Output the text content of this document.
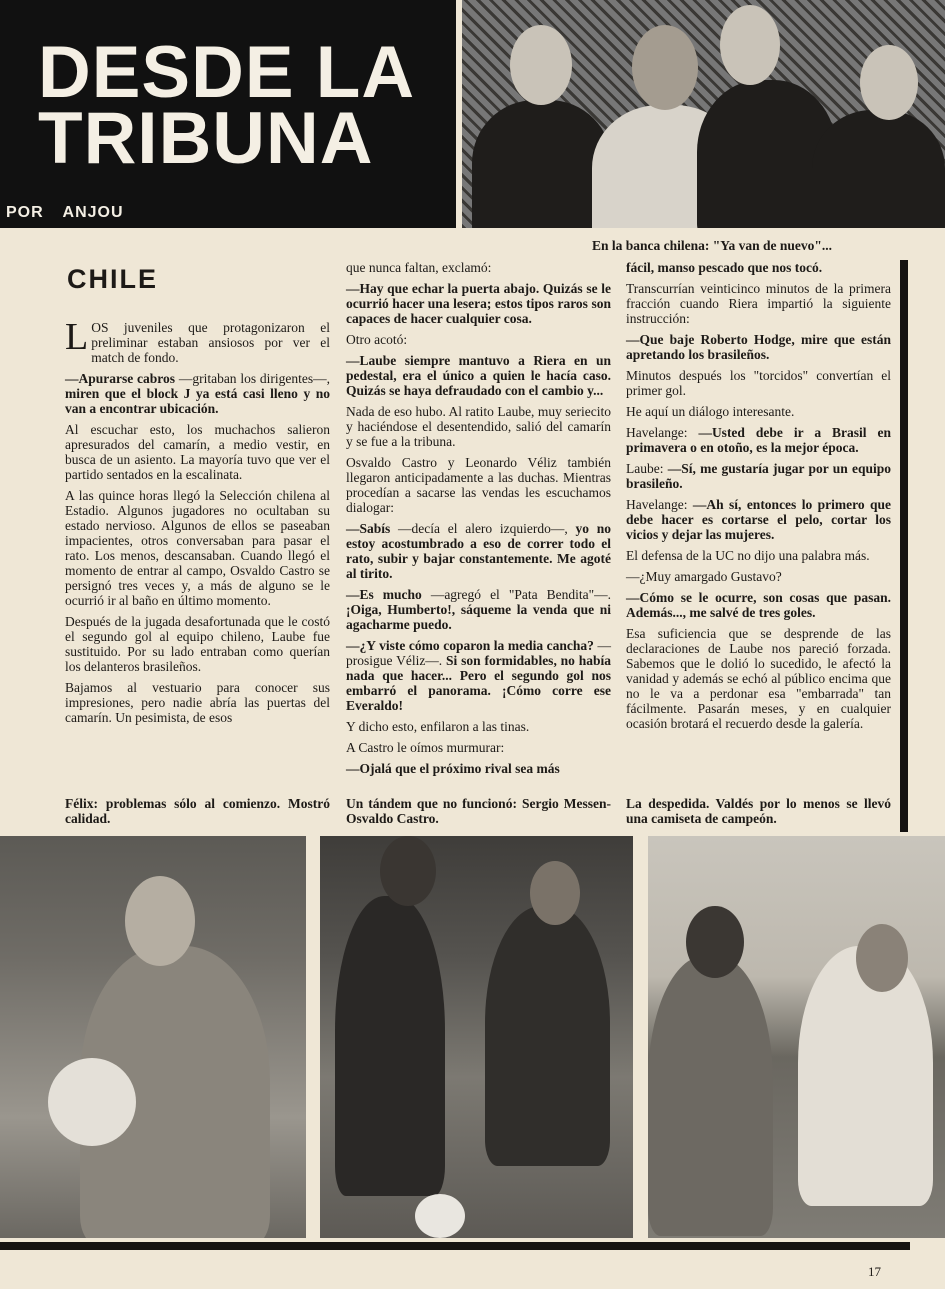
DESDE LA
TRIBUNA
POR ANJOU
En la banca chilena: "Ya van de nuevo"...
CHILE

LOS juveniles que protagonizaron el preliminar estaban ansiosos por ver el match de fondo.

—Apurarse cabros —gritaban los dirigentes—, miren que el block J ya está casi lleno y no van a encontrar ubicación.

Al escuchar esto, los muchachos salieron apresurados del camarín, a medio vestir, en busca de un asiento. La mayoría tuvo que ver el partido sentados en la escalinata.

A las quince horas llegó la Selección chilena al Estadio. Algunos jugadores no ocultaban su estado nervioso. Algunos de ellos se paseaban impacientes, otros conversaban para pasar el rato. Los menos, descansaban. Cuando llegó el momento de entrar al campo, Osvaldo Castro se persignó tres veces y, a más de alguno se le ocurrió ir al baño en último momento.

Después de la jugada desafortunada que le costó el segundo gol al equipo chileno, Laube fue sustituido. Por su lado entraban como querían los delanteros brasileños.

Bajamos al vestuario para conocer sus impresiones, pero nadie abría las puertas del camarín. Un pesimista, de esos

Félix: problemas sólo al comienzo. Mostró calidad.

que nunca faltan, exclamó:

—Hay que echar la puerta abajo. Quizás se le ocurrió hacer una lesera; estos tipos raros son capaces de hacer cualquier cosa.

Otro acotó:

—Laube siempre mantuvo a Riera en un pedestal, era el único a quien le hacía caso. Quizás se haya defraudado con el cambio y...

Nada de eso hubo. Al ratito Laube, muy seriecito y haciéndose el desentendido, salió del camarín y se fue a la tribuna.

Osvaldo Castro y Leonardo Véliz también llegaron anticipadamente a las duchas. Mientras procedían a sacarse las vendas les escuchamos dialogar:

—Sabís —decía el alero izquierdo—, yo no estoy acostumbrado a eso de correr todo el rato, subir y bajar constantemente. Me agoté al tirito.

—Es mucho —agregó el "Pata Bendita"—. ¡Oiga, Humberto!, sáqueme la venda que ni agacharme puedo.

—¿Y viste cómo coparon la media cancha? —prosigue Véliz—. Si son formidables, no había nada que hacer... Pero el segundo gol nos embarró el panorama. ¡Cómo corre ese Everaldo!

Y dicho esto, enfilaron a las tinas.

A Castro le oímos murmurar:

—Ojalá que el próximo rival sea más

Un tándem que no funcionó: Sergio Messen-Osvaldo Castro.

fácil, manso pescado que nos tocó.

Transcurrían veinticinco minutos de la primera fracción cuando Riera impartió la siguiente instrucción:

—Que baje Roberto Hodge, mire que están apretando los brasileños.

Minutos después los "torcidos" convertían el primer gol.

He aquí un diálogo interesante.

Havelange: —Usted debe ir a Brasil en primavera o en otoño, es la mejor época.

Laube: —Sí, me gustaría jugar por un equipo brasileño.

Havelange: —Ah sí, entonces lo primero que debe hacer es cortarse el pelo, cortar los vicios y dejar las mujeres.

El defensa de la UC no dijo una palabra más.

—¿Muy amargado Gustavo?

—Cómo se le ocurre, son cosas que pasan. Además..., me salvé de tres goles.

Esa suficiencia que se desprende de las declaraciones de Laube nos pareció forzada. Sabemos que le dolió lo sucedido, le afectó la vanidad y además se echó al público encima que no le va a perdonar esa "embarrada" tan fácilmente. Pasarán meses, y en cualquier ocasión brotará el recuerdo desde la galería.

La despedida. Valdés por lo menos se llevó una camiseta de campeón.
17
